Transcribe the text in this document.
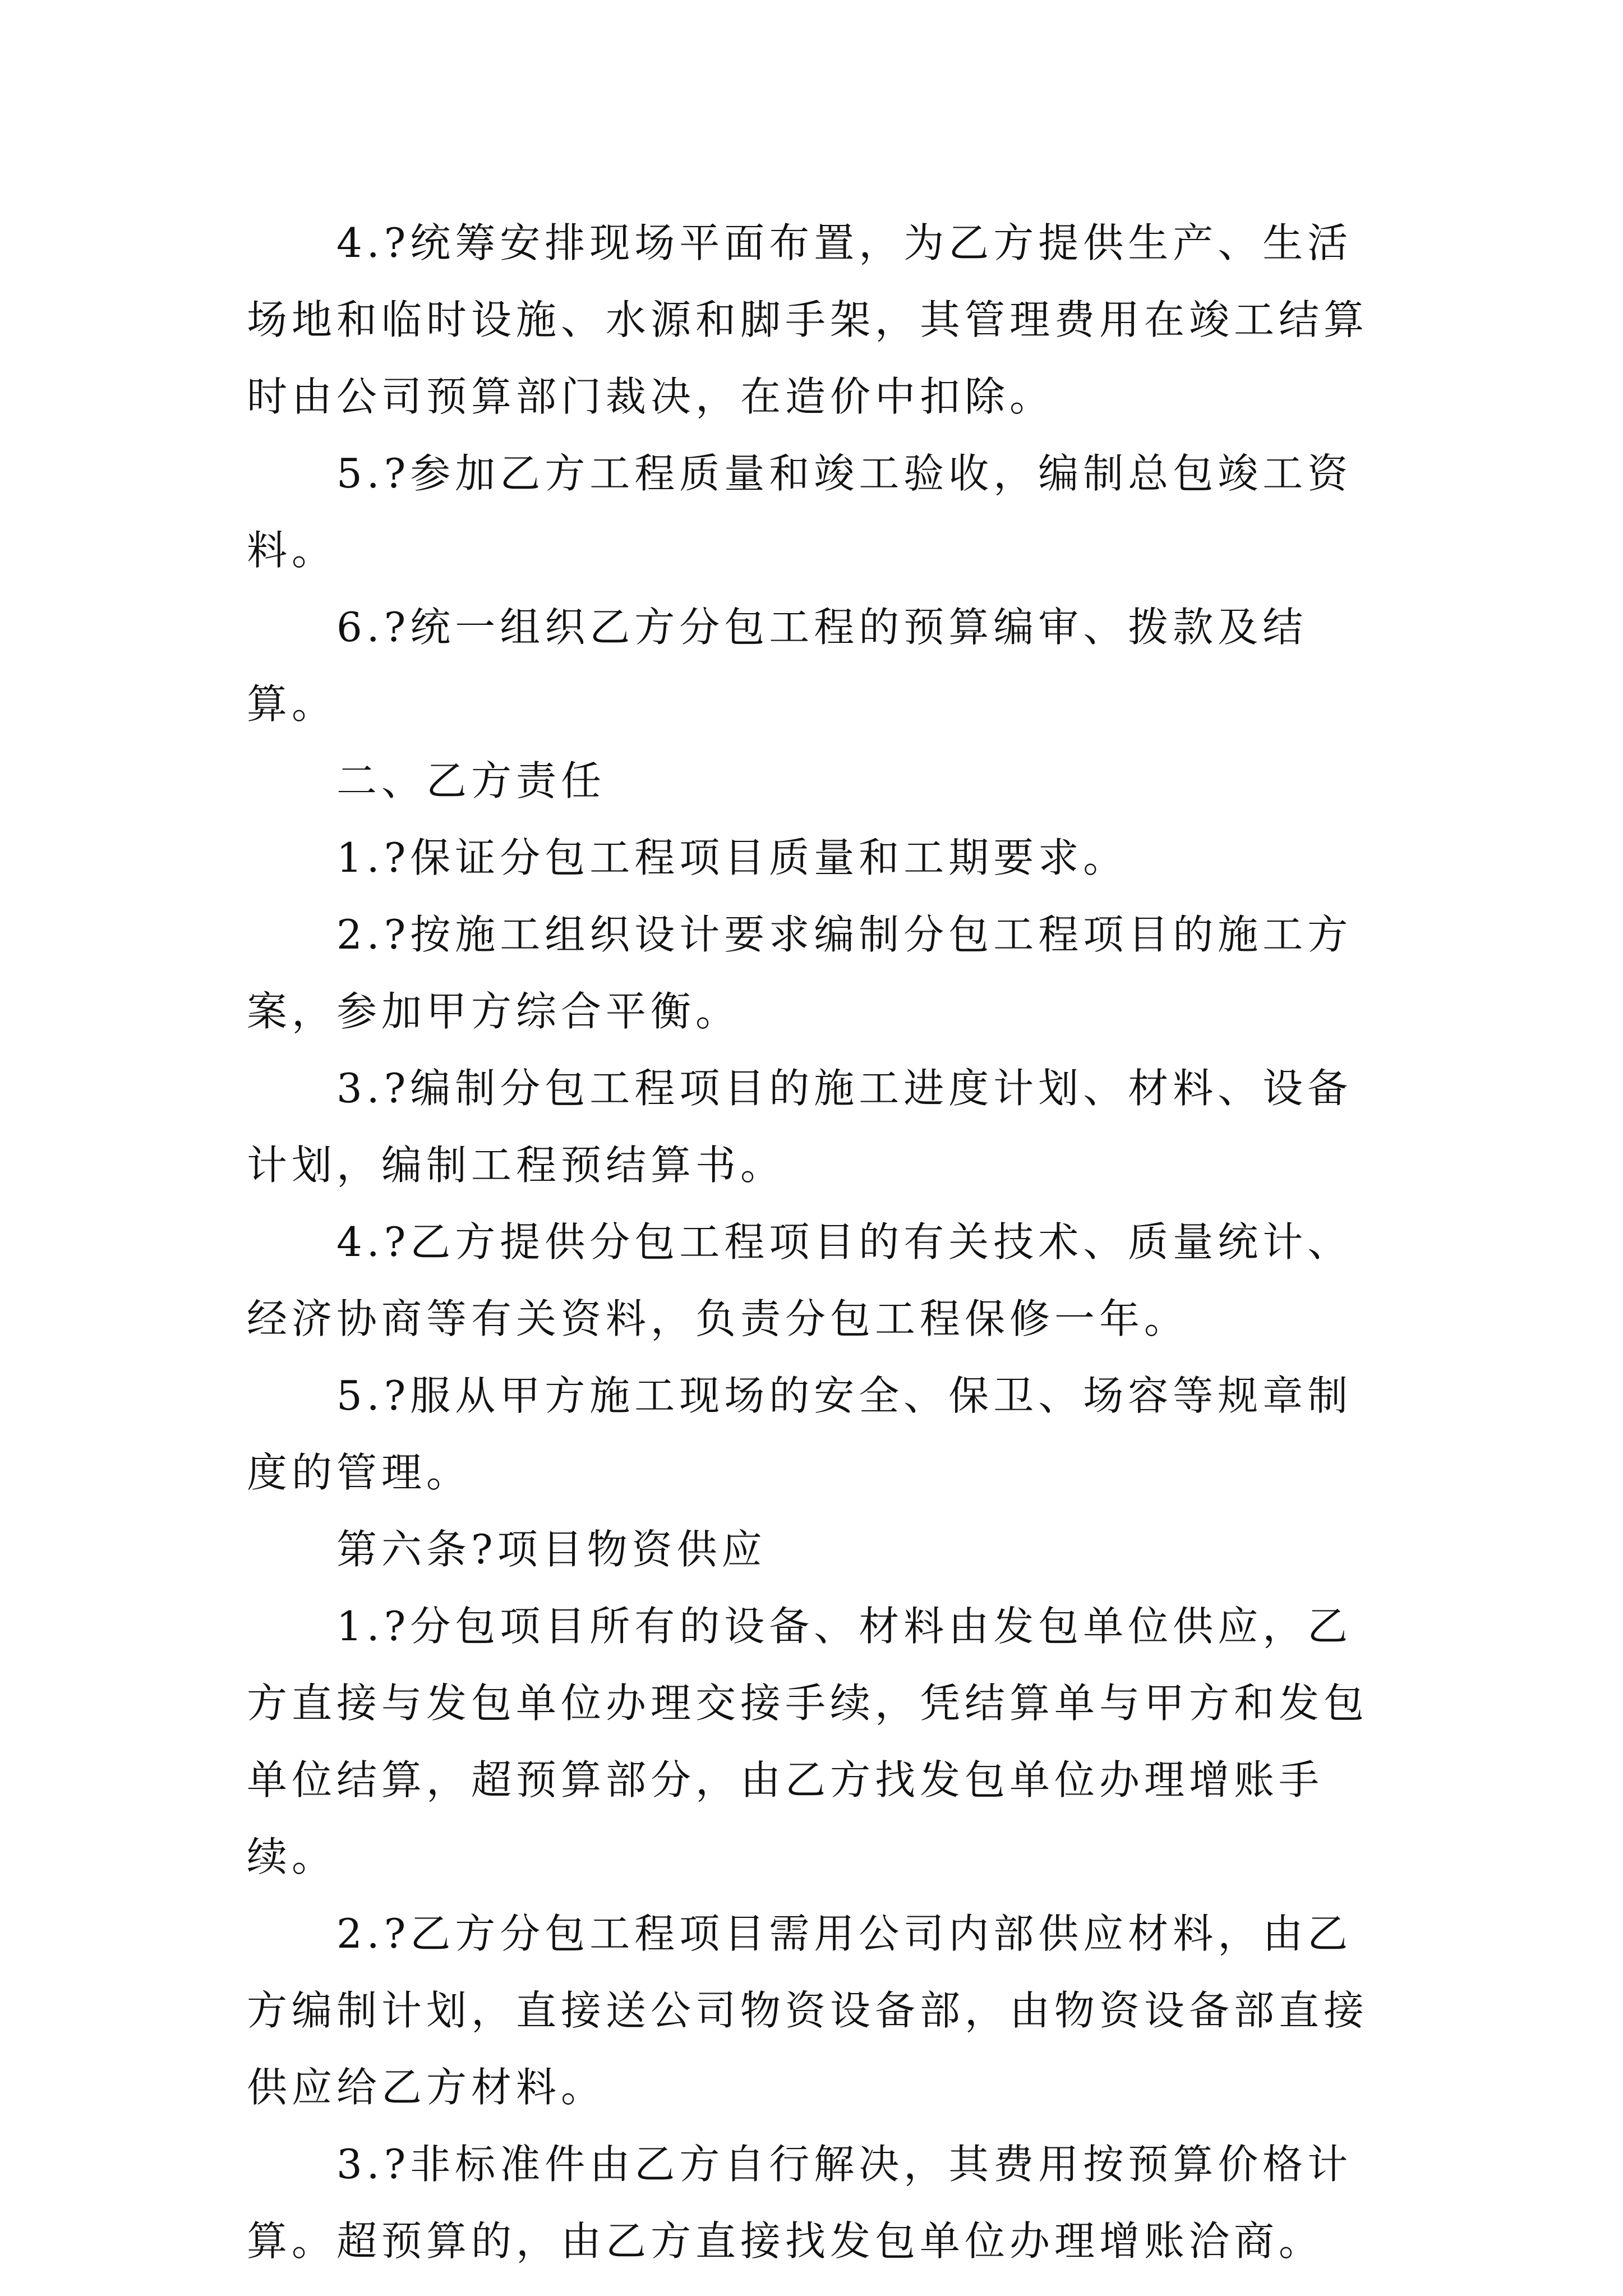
4.?统筹安排现场平面布置，为乙方提供生产、生活场地和临时设施、水源和脚手架，其管理费用在竣工结算时由公司预算部门裁决，在造价中扣除。

5.?参加乙方工程质量和竣工验收，编制总包竣工资料。

6.?统一组织乙方分包工程的预算编审、拨款及结算。

二、乙方责任

1.?保证分包工程项目质量和工期要求。

2.?按施工组织设计要求编制分包工程项目的施工方案，参加甲方综合平衡。

3.?编制分包工程项目的施工进度计划、材料、设备计划，编制工程预结算书。

4.?乙方提供分包工程项目的有关技术、质量统计、经济协商等有关资料，负责分包工程保修一年。

5.?服从甲方施工现场的安全、保卫、场容等规章制度的管理。

第六条?项目物资供应

1.?分包项目所有的设备、材料由发包单位供应，乙方直接与发包单位办理交接手续，凭结算单与甲方和发包单位结算，超预算部分，由乙方找发包单位办理增账手续。

2.?乙方分包工程项目需用公司内部供应材料，由乙方编制计划，直接送公司物资设备部，由物资设备部直接供应给乙方材料。

3.?非标准件由乙方自行解决，其费用按预算价格计算。超预算的，由乙方直接找发包单位办理增账洽商。
